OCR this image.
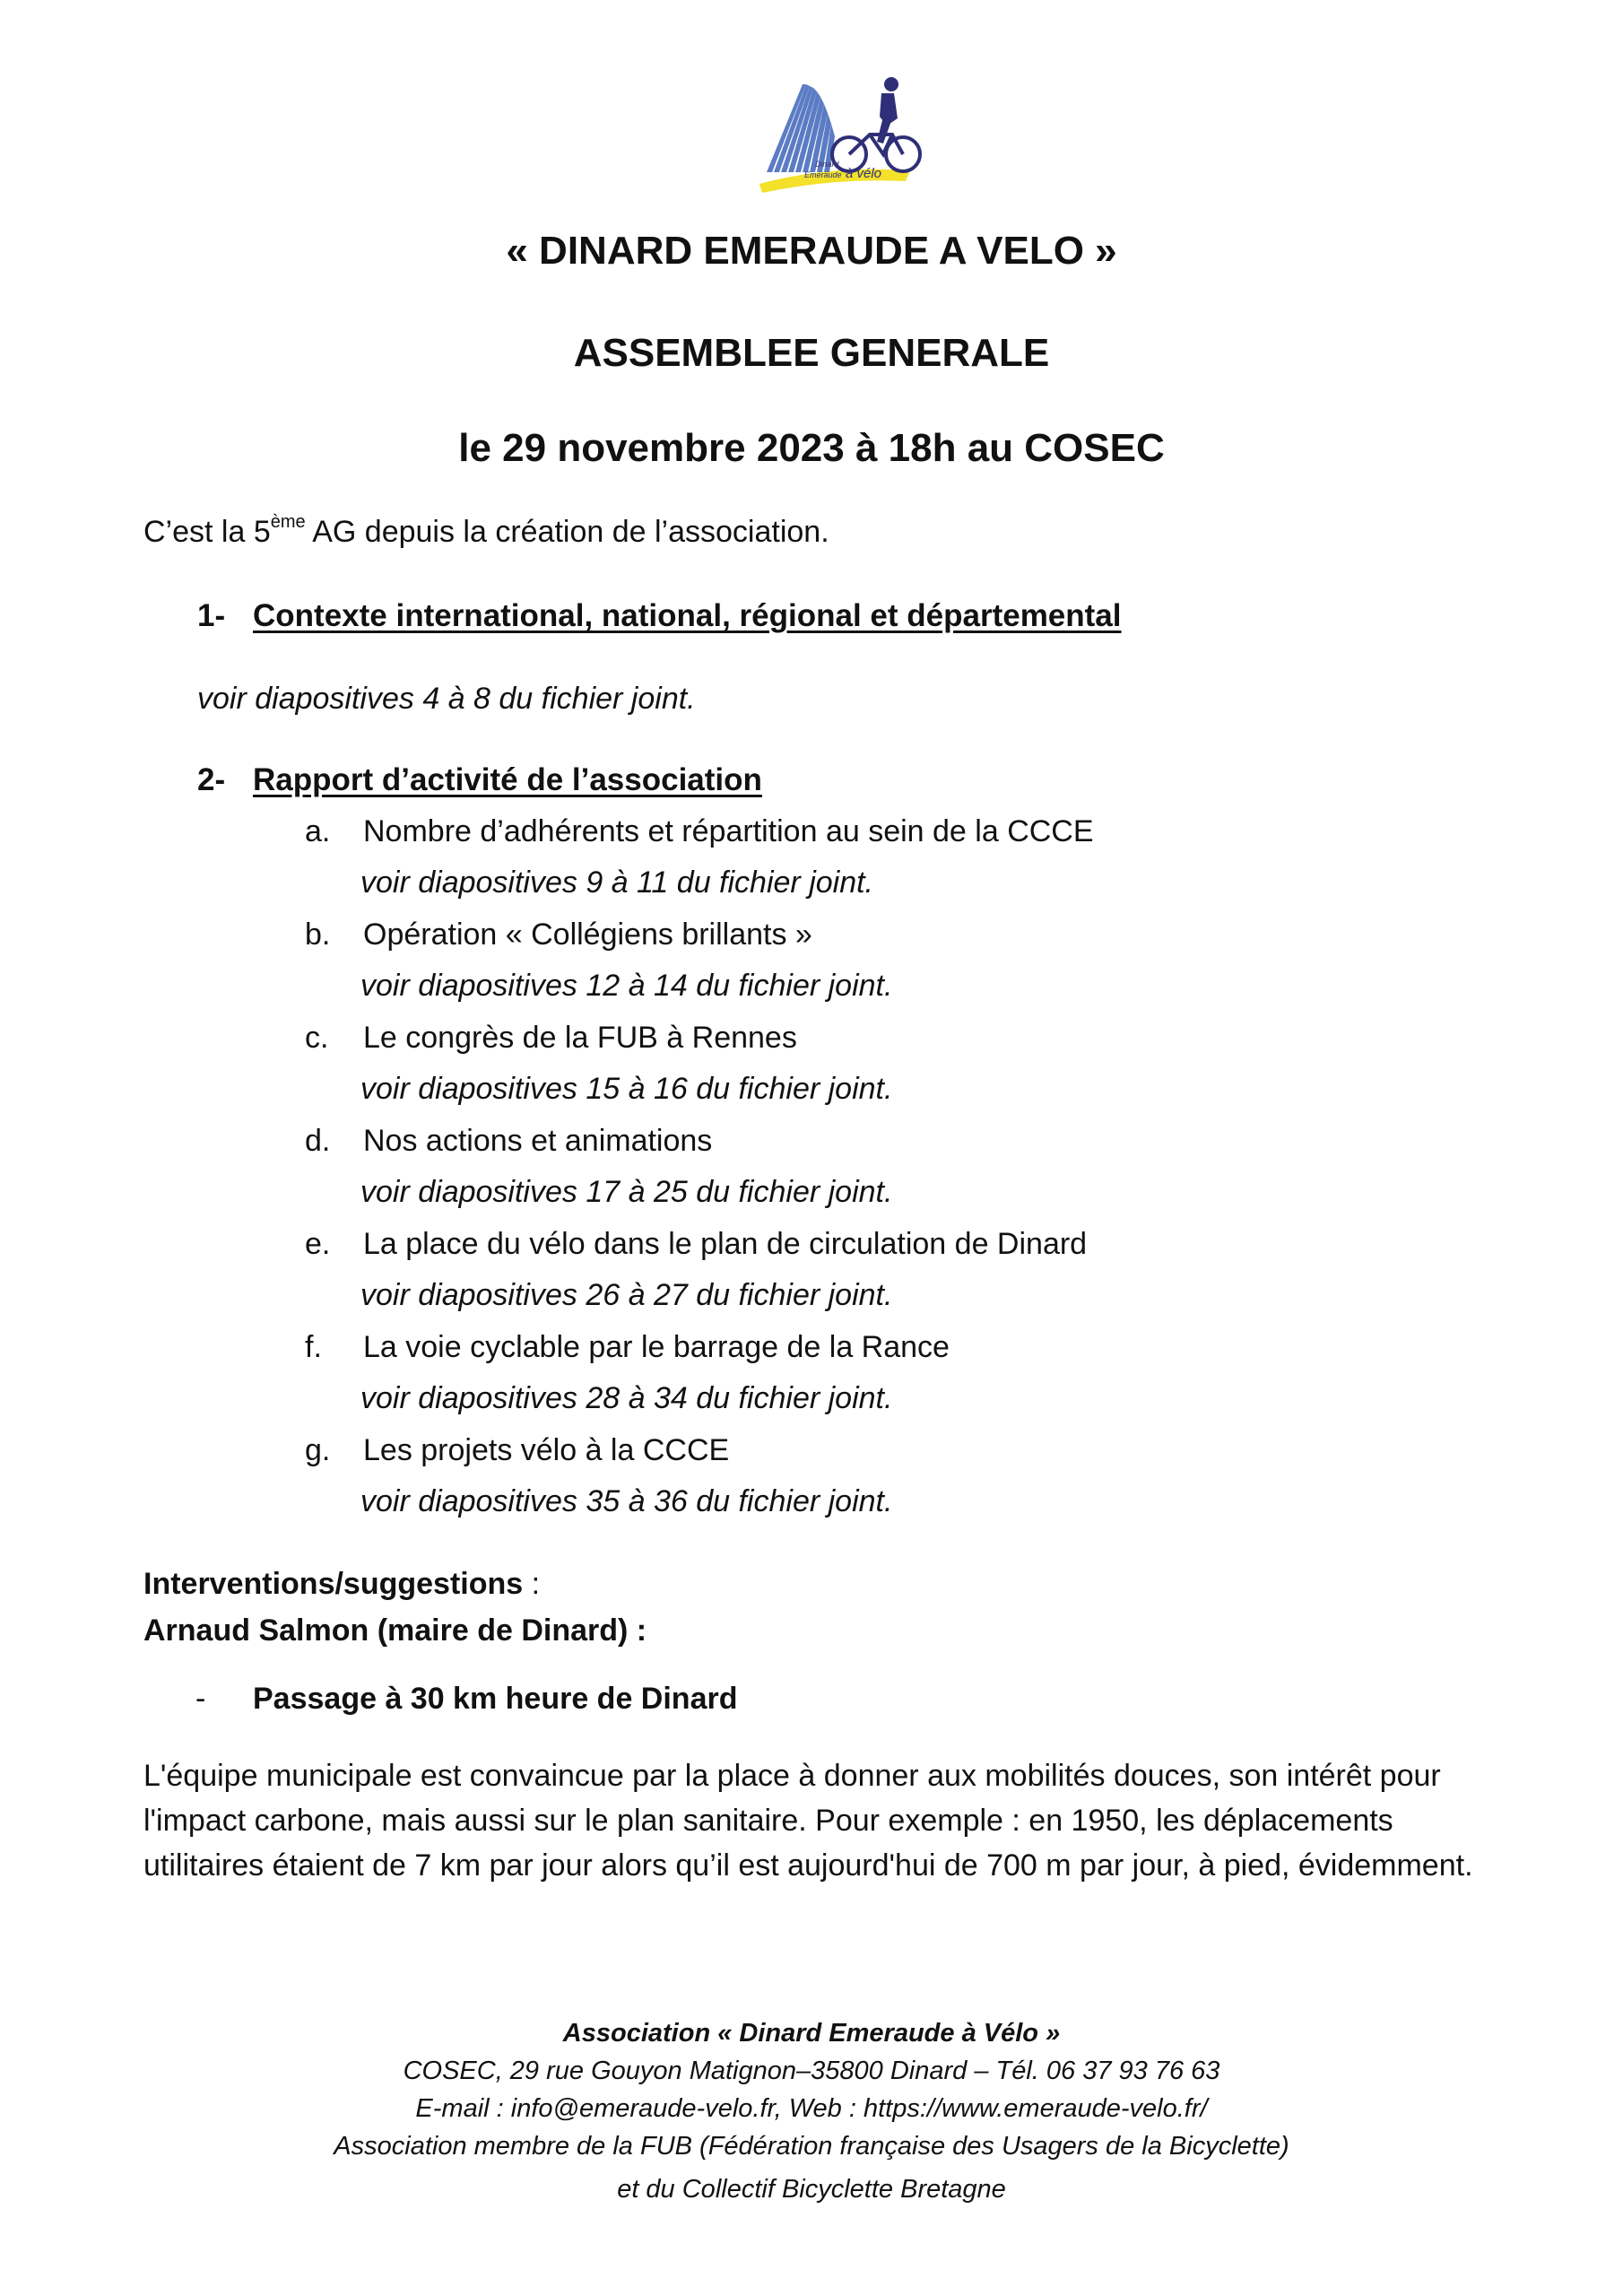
Dinard
Emeraude à vélo
« DINARD EMERAUDE A VELO »
ASSEMBLEE GENERALE
le 29 novembre 2023 à 18h au COSEC
C’est la 5ème AG depuis la création de l’association.
1- Contexte international, national, régional et départemental
voir diapositives 4 à 8 du fichier joint.
2- Rapport d’activité de l’association
a. Nombre d’adhérents et répartition au sein de la CCCE
voir diapositives 9 à 11 du fichier joint.
b. Opération « Collégiens brillants »
voir diapositives 12 à 14 du fichier joint.
c. Le congrès de la FUB à Rennes
voir diapositives 15 à 16 du fichier joint.
d. Nos actions et animations
voir diapositives 17 à 25 du fichier joint.
e. La place du vélo dans le plan de circulation de Dinard
voir diapositives 26 à 27 du fichier joint.
f. La voie cyclable par le barrage de la Rance
voir diapositives 28 à 34 du fichier joint.
g. Les projets vélo à la CCCE
voir diapositives 35 à 36 du fichier joint.
Interventions/suggestions :
Arnaud Salmon (maire de Dinard) :
- Passage à 30 km heure de Dinard

L'équipe municipale est convaincue par la place à donner aux mobilités douces, son intérêt pour l'impact carbone, mais aussi sur le plan sanitaire. Pour exemple : en 1950, les déplacements utilitaires étaient de 7 km par jour alors qu’il est aujourd'hui de 700 m par jour, à pied, évidemment.

Association « Dinard Emeraude à Vélo »
COSEC, 29 rue Gouyon Matignon–35800 Dinard – Tél. 06 37 93 76 63
E-mail : info@emeraude-velo.fr, Web : https://www.emeraude-velo.fr/
Association membre de la FUB (Fédération française des Usagers de la Bicyclette)
et du Collectif Bicyclette Bretagne
